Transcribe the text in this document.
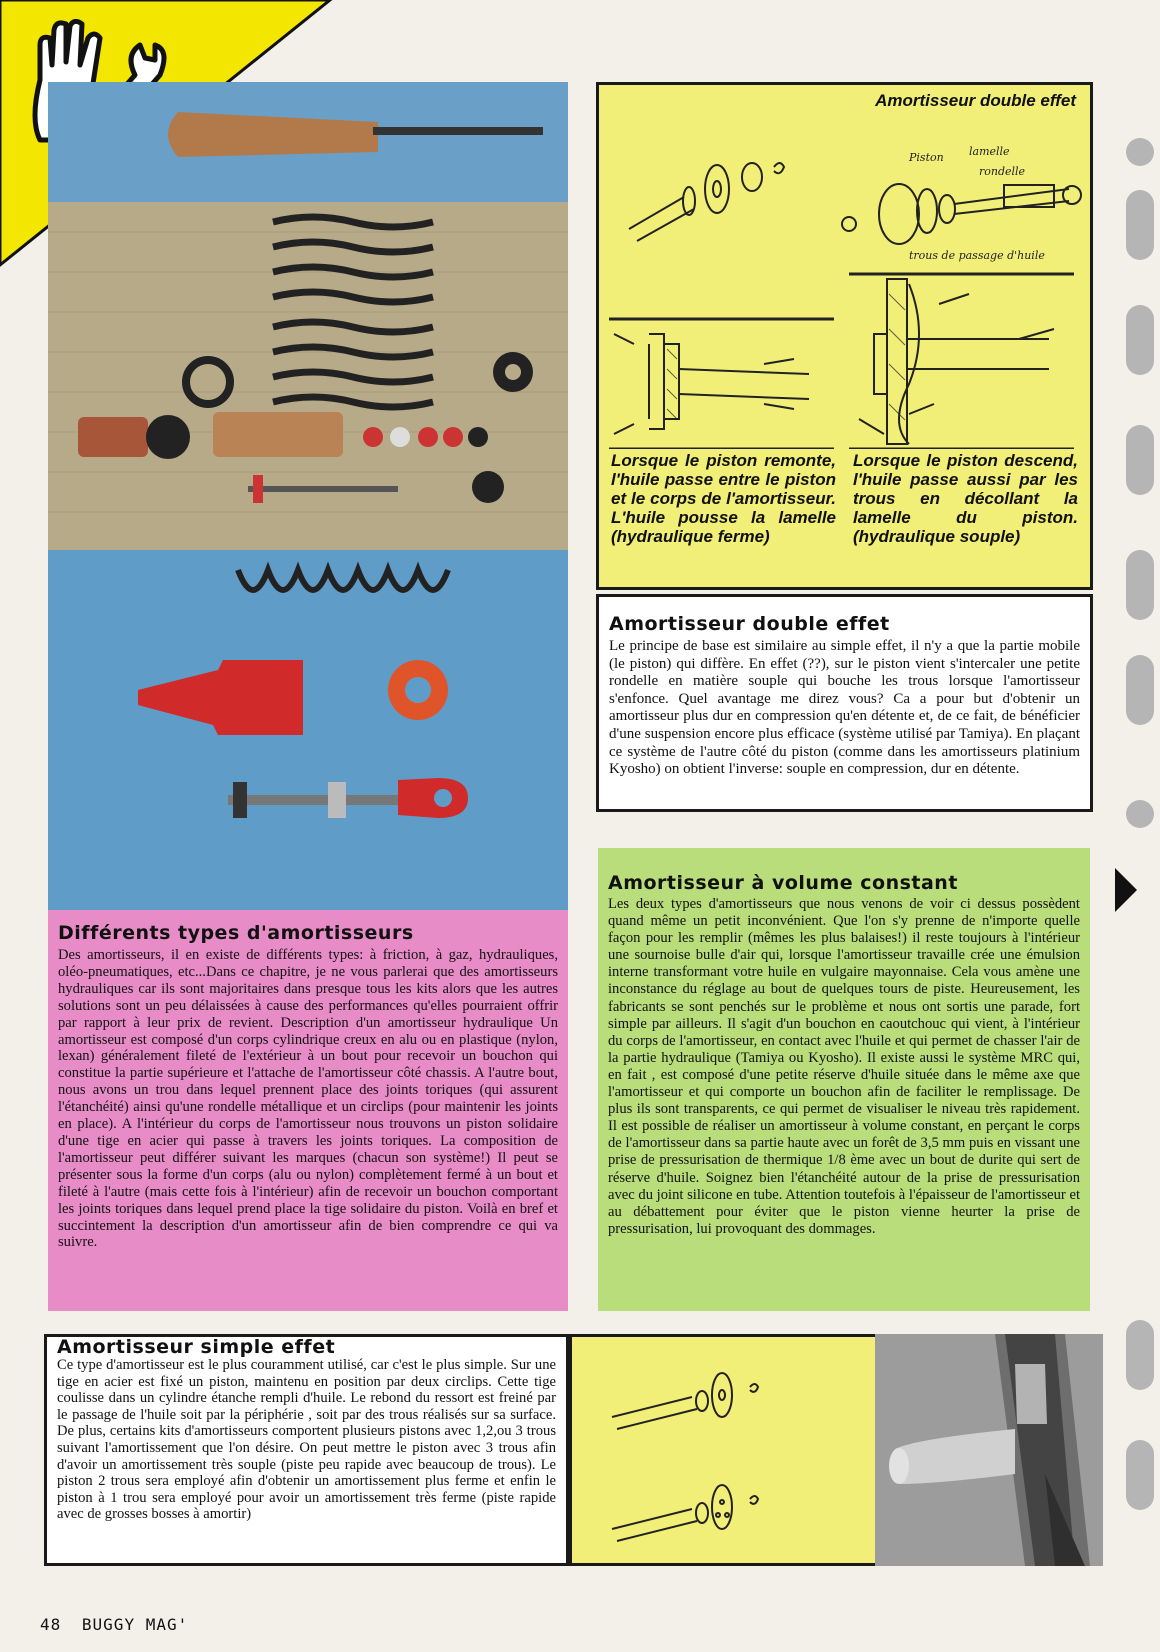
Amortisseur double effet
Piston lamelle
rondelle
trous de passage d'huile
Lorsque le piston remonte, l'huile passe entre le piston et le corps de l'amortisseur. L'huile pousse la lamelle (hydraulique ferme)
Lorsque le piston descend, l'huile passe aussi par les trous en décollant la lamelle du piston.(hydraulique souple)
Amortisseur double effet
Le principe de base est similaire au simple effet, il n'y a que la partie mobile (le piston) qui diffère. En effet (??), sur le piston vient s'intercaler une petite rondelle en matière souple qui bouche les trous lorsque l'amortisseur s'enfonce. Quel avantage me direz vous? Ca a pour but d'obtenir un amortisseur plus dur en compression qu'en détente et, de ce fait, de bénéficier d'une suspension encore plus efficace (système utilisé par Tamiya). En plaçant ce système de l'autre côté du piston (comme dans les amortisseurs platinium Kyosho) on obtient l'inverse: souple en compression, dur en détente.
Amortisseur à volume constant
Les deux types d'amortisseurs que nous venons de voir ci dessus possèdent quand même un petit inconvénient. Que l'on s'y prenne de n'importe quelle façon pour les remplir (mêmes les plus balaises!) il reste toujours à l'intérieur une sournoise bulle d'air qui, lorsque l'amortisseur travaille crée une émulsion interne transformant votre huile en vulgaire mayonnaise. Cela vous amène une inconstance du réglage au bout de quelques tours de piste. Heureusement, les fabricants se sont penchés sur le problème et nous ont sortis une parade, fort simple par ailleurs. Il s'agit d'un bouchon en caoutchouc qui vient, à l'intérieur du corps de l'amortisseur, en contact avec l'huile et qui permet de chasser l'air de la partie hydraulique (Tamiya ou Kyosho). Il existe aussi le système MRC qui, en fait , est composé d'une petite réserve d'huile située dans le même axe que l'amortisseur et qui comporte un bouchon afin de faciliter le remplissage. De plus ils sont transparents, ce qui permet de visualiser le niveau très rapidement. Il est possible de réaliser un amortisseur à volume constant, en perçant le corps de l'amortisseur dans sa partie haute avec un forêt de 3,5 mm puis en vissant une prise de pressurisation de thermique 1/8 ème avec un bout de durite qui sert de réserve d'huile. Soignez bien l'étanchéité autour de la prise de pressurisation avec du joint silicone en tube. Attention toutefois à l'épaisseur de l'amortisseur et au débattement pour éviter que le piston vienne heurter la prise de pressurisation, lui provoquant des dommages.
Différents types d'amortisseurs
Des amortisseurs, il en existe de différents types: à friction, à gaz, hydrauliques, oléo-pneumatiques, etc...Dans ce chapitre, je ne vous parlerai que des amortisseurs hydrauliques car ils sont majoritaires dans presque tous les kits alors que les autres solutions sont un peu délaissées à cause des performances qu'elles pourraient offrir par rapport à leur prix de revient. Description d'un amortisseur hydraulique Un amortisseur est composé d'un corps cylindrique creux en alu ou en plastique (nylon, lexan) généralement fileté de l'extérieur à un bout pour recevoir un bouchon qui constitue la partie supérieure et l'attache de l'amortisseur côté chassis. A l'autre bout, nous avons un trou dans lequel prennent place des joints toriques (qui assurent l'étanchéité) ainsi qu'une rondelle métallique et un circlips (pour maintenir les joints en place). A l'intérieur du corps de l'amortisseur nous trouvons un piston solidaire d'une tige en acier qui passe à travers les joints toriques. La composition de l'amortisseur peut différer suivant les marques (chacun son système!) Il peut se présenter sous la forme d'un corps (alu ou nylon) complètement fermé à un bout et fileté à l'autre (mais cette fois à l'intérieur) afin de recevoir un bouchon comportant les joints toriques dans lequel prend place la tige solidaire du piston. Voilà en bref et succintement la description d'un amortisseur afin de bien comprendre ce qui va suivre.
Amortisseur simple effet
Ce type d'amortisseur est le plus couramment utilisé, car c'est le plus simple. Sur une tige en acier est fixé un piston, maintenu en position par deux circlips. Cette tige coulisse dans un cylindre étanche rempli d'huile. Le rebond du ressort est freiné par le passage de l'huile soit par la périphérie , soit par des trous réalisés sur sa surface. De plus, certains kits d'amortisseurs comportent plusieurs pistons avec 1,2,ou 3 trous suivant l'amortissement que l'on désire. On peut mettre le piston avec 3 trous afin d'avoir un amortissement très souple (piste peu rapide avec beaucoup de trous). Le piston 2 trous sera employé afin d'obtenir un amortissement plus ferme et enfin le piston à 1 trou sera employé pour avoir un amortissement très ferme (piste rapide avec de grosses bosses à amortir)
48 BUGGY MAG'
